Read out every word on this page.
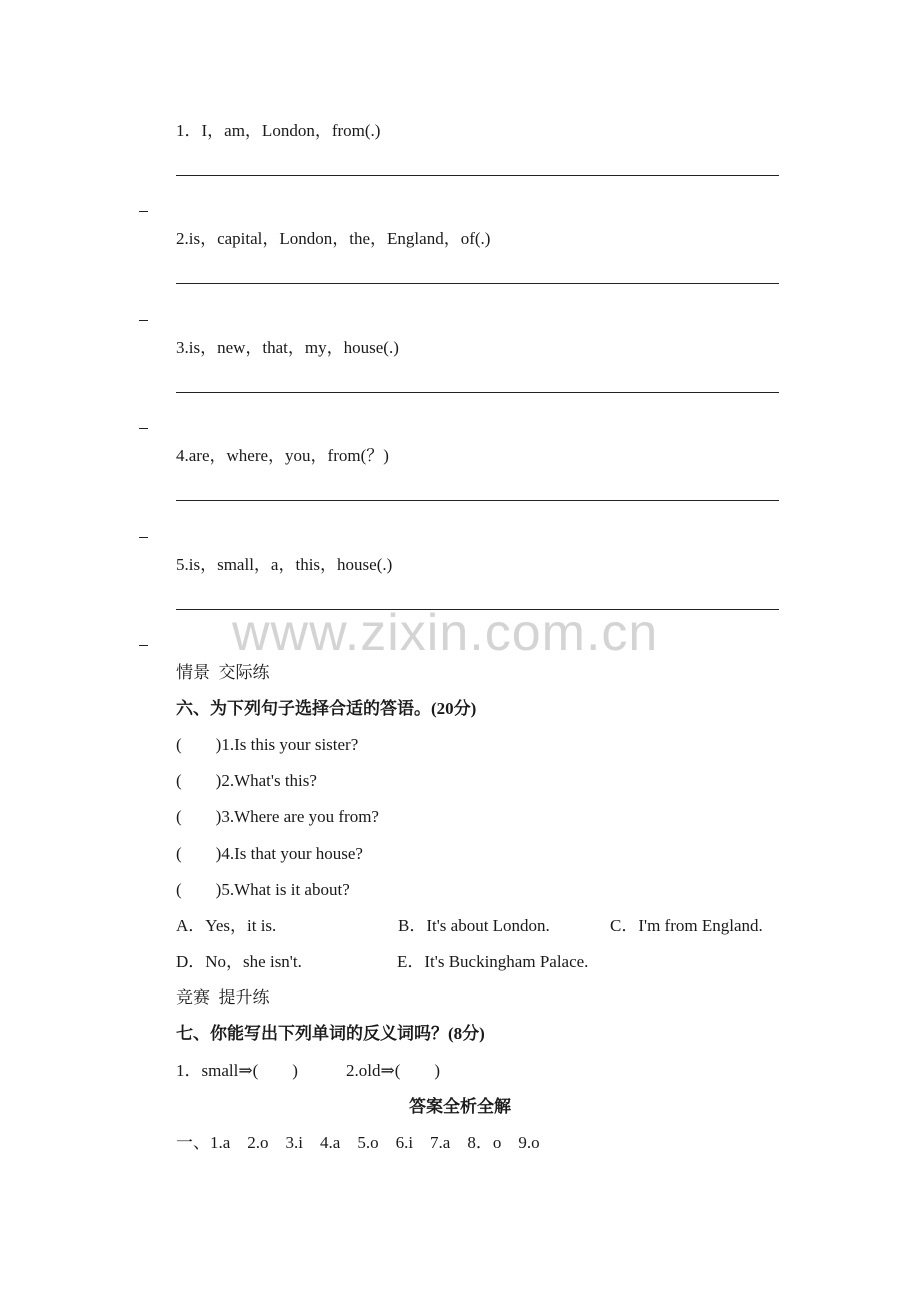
1．I，am，London，from(.)
2.is，capital，London，the，England，of(.)
3.is，new，that，my，house(.)
4.are，where，you，from(？)
5.is，small，a，this，house(.)
www.zixin.com.cn
情景  交际练
六、为下列句子选择合适的答语。(20分)
(        )1.Is this your sister?
(        )2.What's this?
(        )3.Where are you from?
(        )4.Is that your house?
(        )5.What is it about?
A．Yes，it is.	B．It's about London.	C．I'm from England.
D．No，she isn't.	E．It's Buckingham Palace.
竞赛  提升练
七、你能写出下列单词的反义词吗？(8分)
1．small⇒(        )	2.old⇒(        )
答案全析全解
一、1.a    2.o    3.i    4.a    5.o    6.i    7.a    8．o    9.o
